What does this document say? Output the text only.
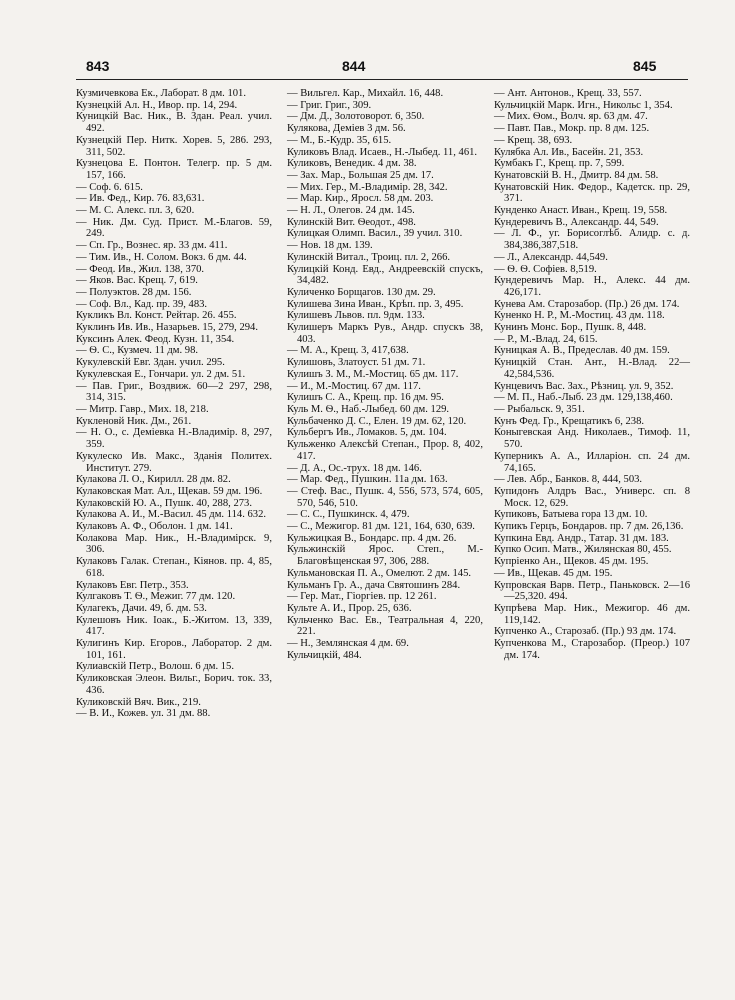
843	844	845

Кузмичевкова Ек., Лаборат. 8 дм. 101.

Кузнецкій Ал. Н., Ивор. пр. 14, 294.

Куницкій Вас. Ник., В. Здан. Реал. учил. 492.

Кузнецкій Пер. Нитк. Хорев. 5, 286. 293, 311, 502.

Кузнецова Е. Понтон. Телегр. пр. 5 дм. 157, 166.

— Соф. 6. 615.

— Ив. Фед., Кир. 76. 83,631.

— М. С. Алекс. пл. 3, 620.

— Ник. Дм. Суд. Прист. М.-Благов. 59, 249.

— Сп. Гр., Вознес. яр. 33 дм. 411.

— Тим. Ив., Н. Солом. Вокз. 6 дм. 44.

— Феод. Ив., Жил. 138, 370.

— Яков. Вас. Крещ. 7, 619.

— Полуэктов. 28 дм. 156.

— Соф. Вл., Кад. пр. 39, 483.

Кукликъ Вл. Конст. Рейтар. 26. 455.

Куклинъ Ив. Ив., Назарьев. 15, 279, 294.

Куксинъ Алек. Феод. Кузн. 11, 354.

— Ѳ. С., Кузмеч. 11 дм. 98.

Кукулевскій Евг. Здан. учил. 295.

Кукулевская Е., Гончари. ул. 2 дм. 51.

— Пав. Григ., Воздвиж. 60—2 297, 298, 314, 315.

— Митр. Гавр., Мих. 18, 218.

Кукленовй Ник. Дм., 261.

— Н. О., с. Демiевка Н.-Владимір. 8, 297, 359.

Кукулеско Ив. Макс., Зданія Политех. Институт. 279.

Кулакова Л. О., Кирилл. 28 дм. 82.

Кулаковская Мат. Ал., Щекав. 59 дм. 196.

Кулаковскій Ю. А., Пушк. 40, 288, 273.

Кулакова А. И., М.-Васил. 45 дм. 114. 632.

Кулаковъ А. Ф., Оболон. 1 дм. 141.

Колакова Мар. Ник., Н.-Владимірск. 9, 306.

Кулаковъ Галак. Степан., Кіянов. пр. 4, 85, 618.

Кулаковъ Евг. Петр., 353.

Кулгаковъ Т. Ѳ., Межиг. 77 дм. 120.

Кулагекъ, Дачи. 49, б. дм. 53.

Кулешовъ Ник. Іоак., Б.-Житом. 13, 339, 417.

Кулигинъ Кир. Егоров., Лаборатор. 2 дм. 101, 161.

Кулиавскій Петр., Волош. 6 дм. 15.

Куликовская Элеон. Вильг., Борич. ток. 33, 436.

Куликовскій Вяч. Вик., 219.

— В. И., Кожев. ул. 31 дм. 88.

— Вильгел. Кар., Михайл. 16, 448.

— Григ. Григ., 309.

— Дм. Д., Золотоворот. 6, 350.

Кулякова, Демiев 3 дм. 56.

— М., Б.-Кудр. 35, 615.

Куликовъ Влад. Исаев., Н.-Лыбед. 11, 461.

Куликовъ, Венедик. 4 дм. 38.

— Зах. Мар., Большая 25 дм. 17.

— Мих. Гер., М.-Владимір. 28, 342.

— Мар. Кир., Яросл. 58 дм. 203.

— Н. Л., Олегов. 24 дм. 145.

Кулинскій Вит. Ѳеодот., 498.

Кулицкая Олимп. Васил., 39 учил. 310.

— Нов. 18 дм. 139.

Кулинскій Витал., Троиц. пл. 2, 266.

Кулицкій Конд. Евд., Андреевскій спускъ, 34,482.

Куличенко Борщагов. 130 дм. 29.

Кулишева Зина Иван., Крѣп. пр. 3, 495.

Кулишевъ Львов. пл. 9дм. 133.

Кулишеръ Маркъ Рув., Андр. спускъ 38, 403.

— М. А., Крещ. 3, 417,638.

Кулишовъ, Златоуст. 51 дм. 71.

Кулишъ З. М., М.-Мостиц. 65 дм. 117.

— И., М.-Мостиц. 67 дм. 117.

Кулишъ С. А., Крещ. пр. 16 дм. 95.

Куль М. Ѳ., Наб.-Лыбед. 60 дм. 129.

Кульбаченко Д. С., Елен. 19 дм. 62, 120.

Кульбергъ Ив., Ломаков. 5, дм. 104.

Кульженко Алексѣй Степан., Прор. 8, 402, 417.

— Д. А., Ос.-трух. 18 дм. 146.

— Мар. Фед., Пушкин. 11а дм. 163.

— Стеф. Вас., Пушк. 4, 556, 573, 574, 605, 570, 546, 510.

— С. С., Пушкинск. 4, 479.

— С., Межигор. 81 дм. 121, 164, 630, 639.

Кульжицкая В., Бондарс. пр. 4 дм. 26.

Кульжинскій Ярос. Степ., М.-Благовѣщенская 97, 306, 288.

Кульмановская П. А., Омелют. 2 дм. 145.

Кульманъ Гр. А., дача Святошинъ 284.

— Гер. Мат., Гіоргіев. пр. 12 261.

Культе А. И., Прор. 25, 636.

Кульченко Вас. Ев., Театральная 4, 220, 221.

— Н., Землянская 4 дм. 69.

Кульчицкій, 484.

— Ант. Антонов., Крещ. 33, 557.

Кульчицкій Марк. Игн., Никольс 1, 354.

— Мих. Ѳом., Волч. яр. 63 дм. 47.

— Павт. Пав., Мокр. пр. 8 дм. 125.

— Крещ. 38, 693.

Кулябка Ал. Ив., Басейн. 21, 353.

Кумбакъ Г., Крещ. пр. 7, 599.

Кунатовскій В. Н., Дмитр. 84 дм. 58.

Кунатовскій Ник. Федор., Кадетск. пр. 29, 371.

Кунденко Анаст. Иван., Крещ. 19, 558.

Кундеревичъ В., Александр. 44, 549.

— Л. Ф., уг. Борисоглѣб. Алидр. с. д. 384,386,387,518.

— Л., Александр. 44,549.

— Ѳ. Ѳ. Софіев. 8,519.

Кундеревичъ Мар. Н., Алекс. 44 дм. 426,171.

Кунева Ам. Старозабор. (Пр.) 26 дм. 174.

Куненко Н. Р., М.-Мостиц. 43 дм. 118.

Кунинъ Монс. Бор., Пушк. 8, 448.

— Р., М.-Влад. 24, 615.

Куницкая А. В., Предеслав. 40 дм. 159.

Куницкій Стан. Ант., Н.-Влад. 22—42,584,536.

Кунцевичъ Вас. Зах., Рѣзниц. ул. 9, 352.

— М. П., Наб.-Лыб. 23 дм. 129,138,460.

— Рыбальск. 9, 351.

Кунъ Фед. Гр., Крещатикъ 6, 238.

Коныгевская Анд. Николаев., Тимоф. 11, 570.

Куперникъ А. А., Илларіон. сп. 24 дм. 74,165.

— Лев. Абр., Банков. 8, 444, 503.

Купидонъ Алдръ Вас., Универс. сп. 8 Моск. 12, 629.

Купиковъ, Батыева гора 13 дм. 10.

Купикъ Герцъ, Бондаров. пр. 7 дм. 26,136.

Купкина Евд. Андр., Татар. 31 дм. 183.

Купко Осип. Матв., Жилянская 80, 455.

Купріенко Ан., Щеков. 45 дм. 195.

— Ив., Щекав. 45 дм. 195.

Купровская Варв. Петр., Паньковск. 2—16—25,320. 494.

Купрѣева Мар. Ник., Межигор. 46 дм. 119,142.

Купченко А., Старозаб. (Пр.) 93 дм. 174.

Купченкова М., Старозабор. (Преор.) 107 дм. 174.
